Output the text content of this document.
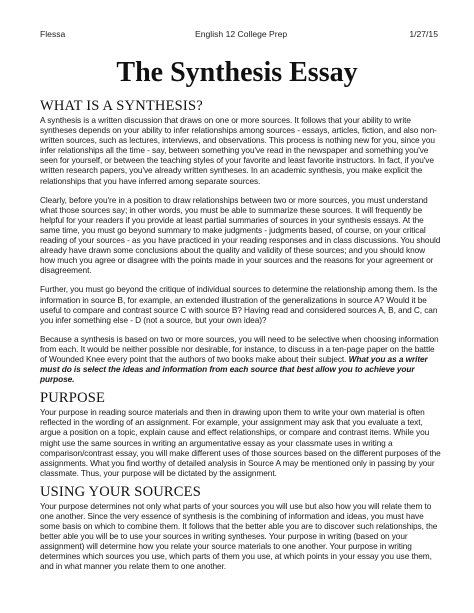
Flessa	English 12 College Prep	1/27/15
The Synthesis Essay
WHAT IS A SYNTHESIS?

A synthesis is a written discussion that draws on one or more sources. It follows that your ability to write syntheses depends on your ability to infer relationships among sources - essays, articles, fiction, and also non-written sources, such as lectures, interviews, and observations. This process is nothing new for you, since you infer relationships all the time - say, between something you've read in the newspaper and something you've seen for yourself, or between the teaching styles of your favorite and least favorite instructors. In fact, if you've written research papers, you've already written syntheses. In an academic synthesis, you make explicit the relationships that you have inferred among separate sources.

Clearly, before you're in a position to draw relationships between two or more sources, you must understand what those sources say; in other words, you must be able to summarize these sources. It will frequently be helpful for your readers if you provide at least partial summaries of sources in your synthesis essays. At the same time, you must go beyond summary to make judgments - judgments based, of course, on your critical reading of your sources - as you have practiced in your reading responses and in class discussions. You should already have drawn some conclusions about the quality and validity of these sources; and you should know how much you agree or disagree with the points made in your sources and the reasons for your agreement or disagreement.

Further, you must go beyond the critique of individual sources to determine the relationship among them. Is the information in source B, for example, an extended illustration of the generalizations in source A? Would it be useful to compare and contrast source C with source B? Having read and considered sources A, B, and C, can you infer something else - D (not a source, but your own idea)?

Because a synthesis is based on two or more sources, you will need to be selective when choosing information from each. It would be neither possible nor desirable, for instance, to discuss in a ten-page paper on the battle of Wounded Knee every point that the authors of two books make about their subject. What you as a writer must do is select the ideas and information from each source that best allow you to achieve your purpose.

PURPOSE

Your purpose in reading source materials and then in drawing upon them to write your own material is often reflected in the wording of an assignment. For example, your assignment may ask that you evaluate a text, argue a position on a topic, explain cause and effect relationships, or compare and contrast items. While you might use the same sources in writing an argumentative essay as your classmate uses in writing a comparison/contrast essay, you will make different uses of those sources based on the different purposes of the assignments. What you find worthy of detailed analysis in Source A may be mentioned only in passing by your classmate. Thus, your purpose will be dictated by the assignment.

USING YOUR SOURCES

Your purpose determines not only what parts of your sources you will use but also how you will relate them to one another. Since the very essence of synthesis is the combining of information and ideas, you must have some basis on which to combine them. It follows that the better able you are to discover such relationships, the better able you will be to use your sources in writing syntheses. Your purpose in writing (based on your assignment) will determine how you relate your source materials to one another. Your purpose in writing determines which sources you use, which parts of them you use, at which points in your essay you use them, and in what manner you relate them to one another.
